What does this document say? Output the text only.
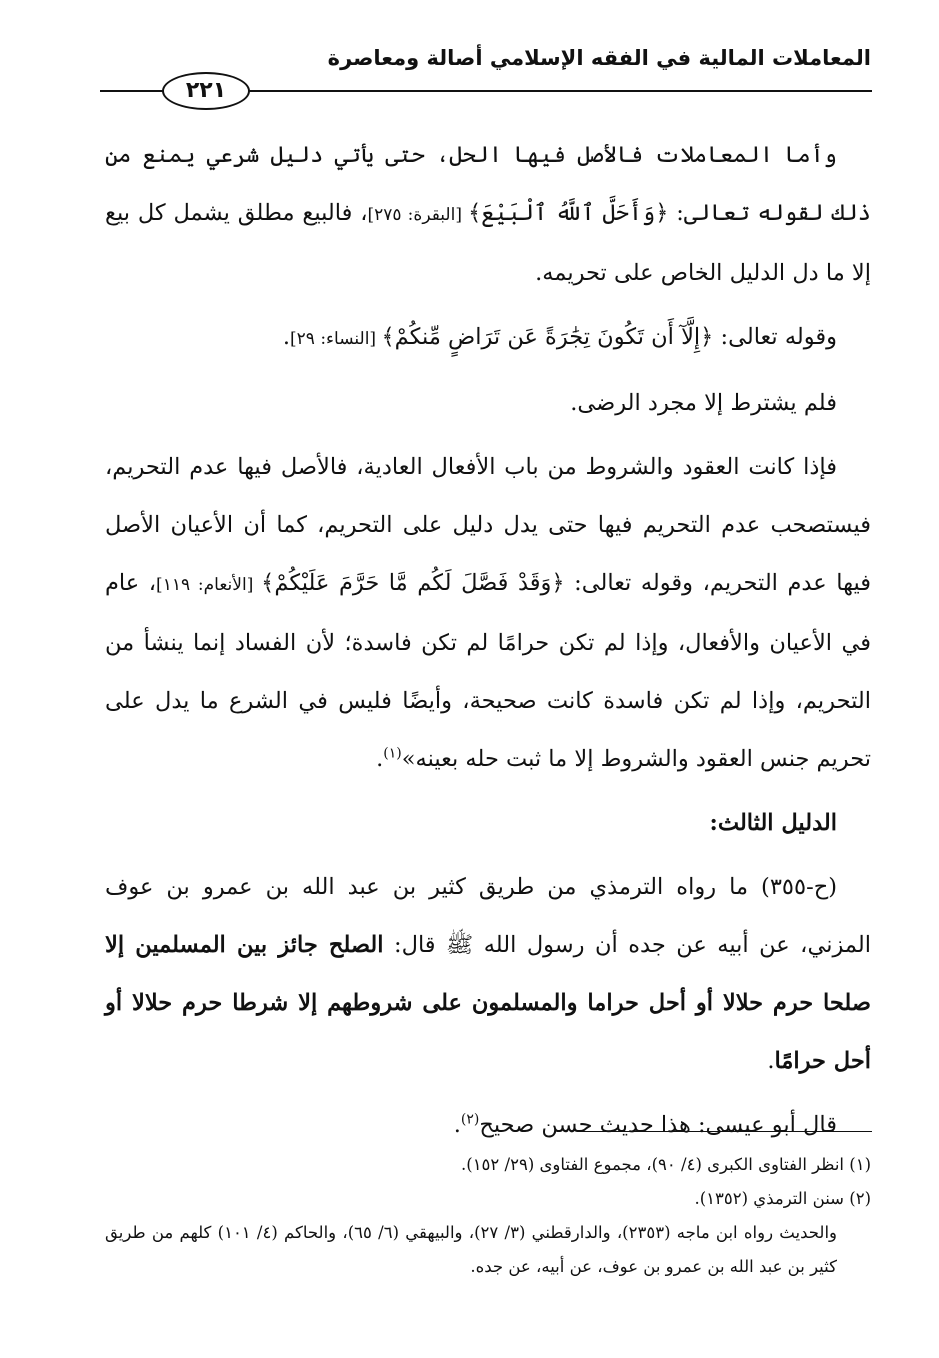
المعاملات المالية في الفقه الإسلامي أصالة ومعاصرة
٢٢١

وأما المعاملات فالأصل فيها الحل، حتى يأتي دليل شرعي يمنع من ذلك لقوله تعالى: ﴿وَأَحَلَّ ٱللَّهُ ٱلْبَيْعَ﴾ [البقرة: ٢٧٥]، فالبيع مطلق يشمل كل بيع إلا ما دل الدليل الخاص على تحريمه.

وقوله تعالى: ﴿إِلَّآ أَن تَكُونَ تِجَٰرَةً عَن تَرَاضٍ مِّنكُمْ﴾ [النساء: ٢٩].

فلم يشترط إلا مجرد الرضى.

فإذا كانت العقود والشروط من باب الأفعال العادية، فالأصل فيها عدم التحريم، فيستصحب عدم التحريم فيها حتى يدل دليل على التحريم، كما أن الأعيان الأصل فيها عدم التحريم، وقوله تعالى: ﴿وَقَدْ فَصَّلَ لَكُم مَّا حَرَّمَ عَلَيْكُمْ﴾ [الأنعام: ١١٩]، عام في الأعيان والأفعال، وإذا لم تكن حرامًا لم تكن فاسدة؛ لأن الفساد إنما ينشأ من التحريم، وإذا لم تكن فاسدة كانت صحيحة، وأيضًا فليس في الشرع ما يدل على تحريم جنس العقود والشروط إلا ما ثبت حله بعينه»$^{(١)}$.

الدليل الثالث:

(ح-٣٥٥) ما رواه الترمذي من طريق كثير بن عبد الله بن عمرو بن عوف المزني، عن أبيه عن جده أن رسول الله ﷺ قال: الصلح جائز بين المسلمين إلا صلحا حرم حلالا أو أحل حراما والمسلمون على شروطهم إلا شرطا حرم حلالا أو أحل حرامًا.

قال أبو عيسى: هذا حديث حسن صحيح$^{(٢)}$.

(١) انظر الفتاوى الكبرى (٤/ ٩٠)، مجموع الفتاوى (٢٩/ ١٥٢).

(٢) سنن الترمذي (١٣٥٢).

والحديث رواه ابن ماجه (٢٣٥٣)، والدارقطني (٣/ ٢٧)، والبيهقي (٦/ ٦٥)، والحاكم (٤/ ١٠١) كلهم من طريق كثير بن عبد الله بن عمرو بن عوف، عن أبيه، عن جده.
